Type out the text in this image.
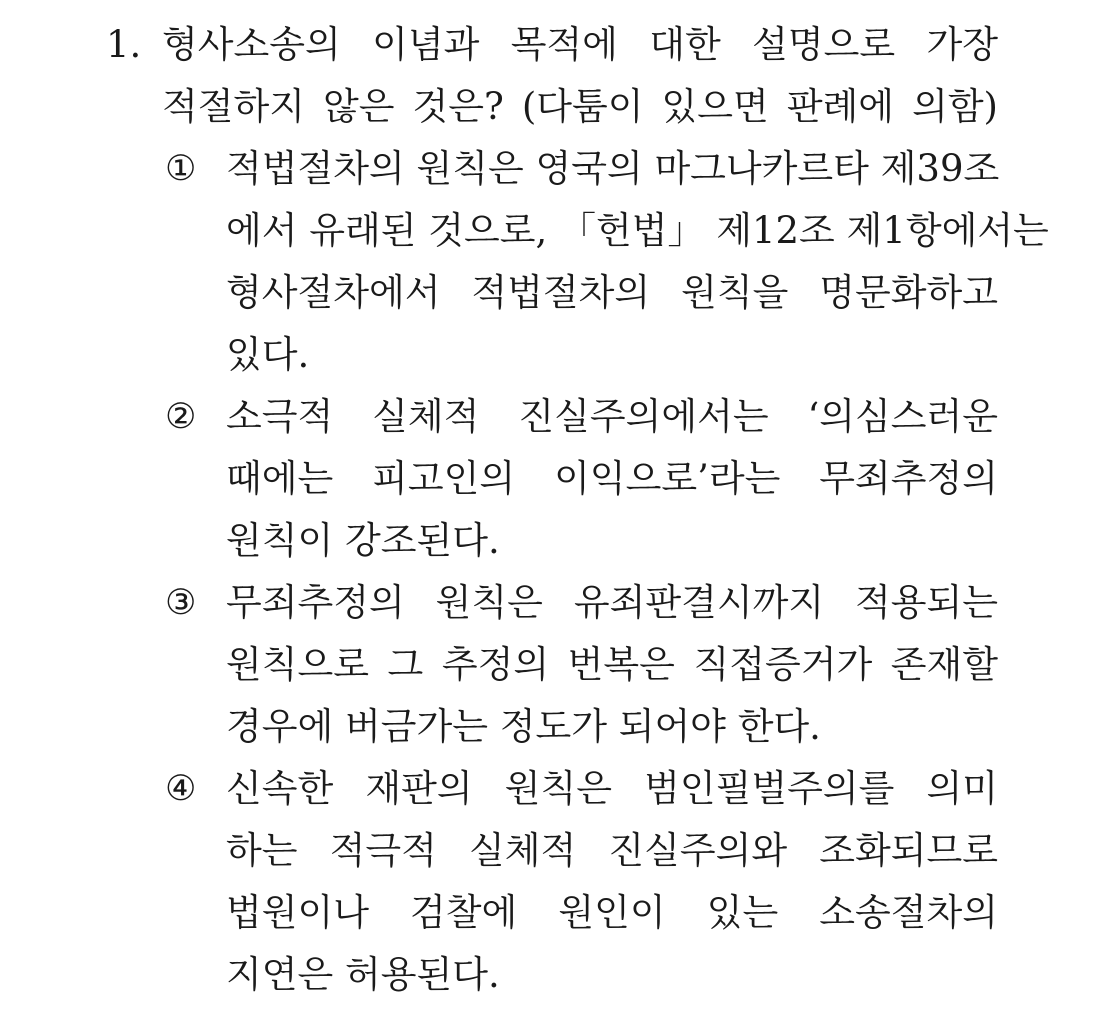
1. 형사소송의 이념과 목적에 대한 설명으로 가장
적절하지 않은 것은? (다툼이 있으면 판례에 의함)
① 적법절차의 원칙은 영국의 마그나카르타 제39조
에서 유래된 것으로, 「헌법」 제12조 제1항에서는
형사절차에서 적법절차의 원칙을 명문화하고
있다.
② 소극적 실체적 진실주의에서는 ‘의심스러운
때에는 피고인의 이익으로’라는 무죄추정의
원칙이 강조된다.
③ 무죄추정의 원칙은 유죄판결시까지 적용되는
원칙으로 그 추정의 번복은 직접증거가 존재할
경우에 버금가는 정도가 되어야 한다.
④ 신속한 재판의 원칙은 범인필벌주의를 의미
하는 적극적 실체적 진실주의와 조화되므로
법원이나 검찰에 원인이 있는 소송절차의
지연은 허용된다.
